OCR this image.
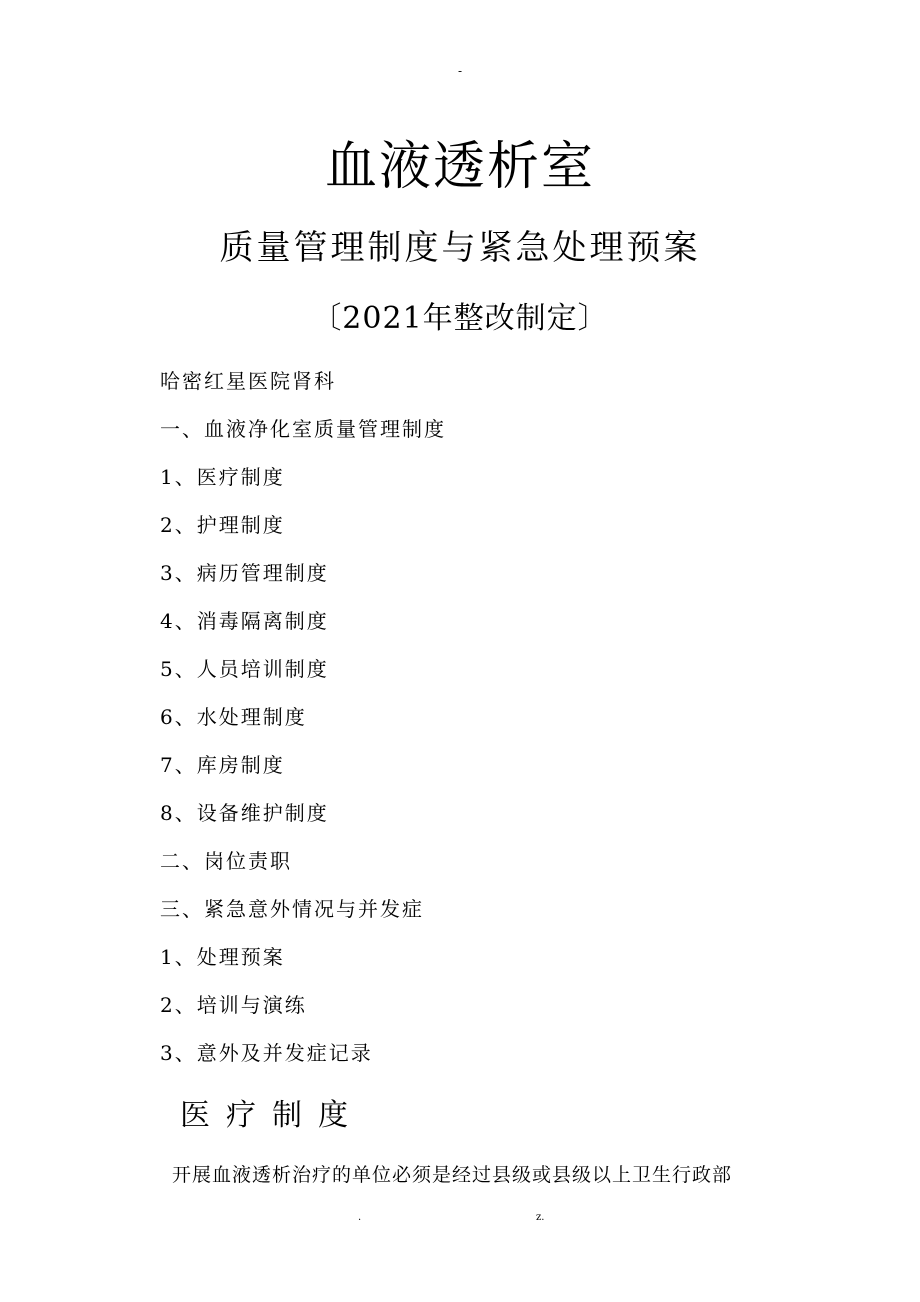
-
血液透析室
质量管理制度与紧急处理预案
〔2021年整改制定〕
哈密红星医院肾科
一、血液净化室质量管理制度
1、医疗制度
2、护理制度
3、病历管理制度
4、消毒隔离制度
5、人员培训制度
6、水处理制度
7、库房制度
8、设备维护制度
二、岗位责职
三、紧急意外情况与并发症
1、处理预案
2、培训与演练
3、意外及并发症记录
医疗制度
开展血液透析治疗的单位必须是经过县级或县级以上卫生行政部
.	z.
